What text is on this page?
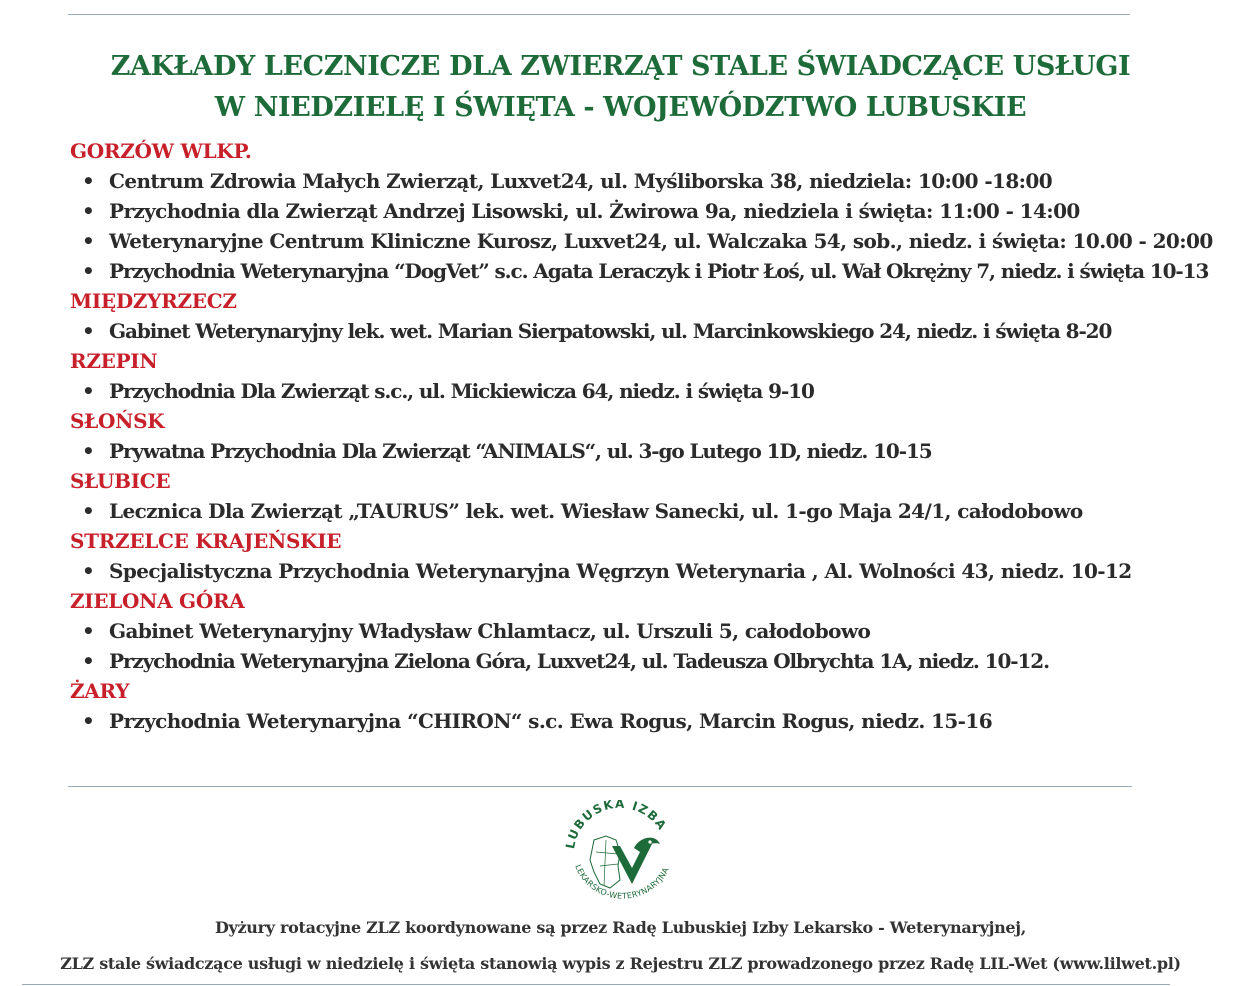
ZAKŁADY LECZNICZE DLA ZWIERZĄT STALE ŚWIADCZĄCE USŁUGI
W NIEDZIELĘ I ŚWIĘTA - WOJEWÓDZTWO LUBUSKIE
GORZÓW WLKP.
• Centrum Zdrowia Małych Zwierząt, Luxvet24, ul. Myśliborska 38, niedziela: 10:00 -18:00
• Przychodnia dla Zwierząt Andrzej Lisowski, ul. Żwirowa 9a, niedziela i święta: 11:00 - 14:00
• Weterynaryjne Centrum Kliniczne Kurosz, Luxvet24, ul. Walczaka 54, sob., niedz. i święta: 10.00 - 20:00
• Przychodnia Weterynaryjna “DogVet” s.c. Agata Leraczyk i Piotr Łoś, ul. Wał Okrężny 7, niedz. i święta 10-13
MIĘDZYRZECZ
• Gabinet Weterynaryjny lek. wet. Marian Sierpatowski, ul. Marcinkowskiego 24, niedz. i święta 8-20
RZEPIN
• Przychodnia Dla Zwierząt s.c., ul. Mickiewicza 64, niedz. i święta 9-10
SŁOŃSK
• Prywatna Przychodnia Dla Zwierząt “ANIMALS“, ul. 3-go Lutego 1D, niedz. 10-15
SŁUBICE
• Lecznica Dla Zwierząt „TAURUS” lek. wet. Wiesław Sanecki, ul. 1-go Maja 24/1, całodobowo
STRZELCE KRAJEŃSKIE
• Specjalistyczna Przychodnia Weterynaryjna Węgrzyn Weterynaria , Al. Wolności 43, niedz. 10-12
ZIELONA GÓRA
• Gabinet Weterynaryjny Władysław Chlamtacz, ul. Urszuli 5, całodobowo
• Przychodnia Weterynaryjna Zielona Góra, Luxvet24, ul. Tadeusza Olbrychta 1A, niedz. 10-12.
ŻARY
• Przychodnia Weterynaryjna “CHIRON“ s.c. Ewa Rogus, Marcin Rogus, niedz. 15-16
LUBUSKA IZBA
LEKARSKO-WETERYNARYJNA
Dyżury rotacyjne ZLZ koordynowane są przez Radę Lubuskiej Izby Lekarsko - Weterynaryjnej,
ZLZ stale świadczące usługi w niedzielę i święta stanowią wypis z Rejestru ZLZ prowadzonego przez Radę LIL-Wet (www.lilwet.pl)
